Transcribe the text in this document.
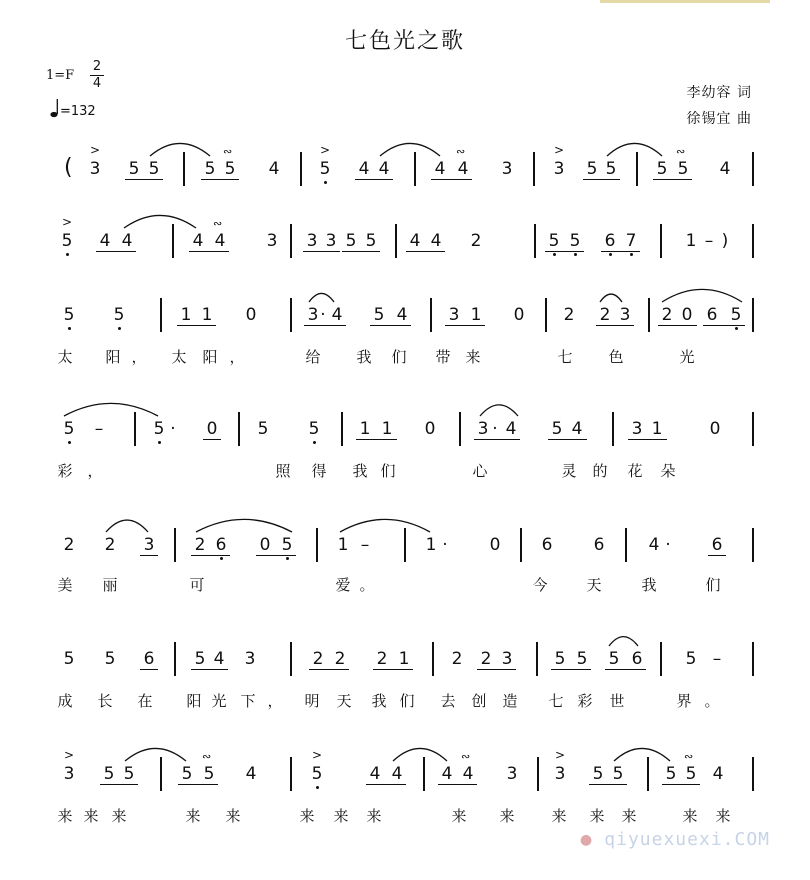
七色光之歌
1=F
2
4
=132
李幼容 词
徐锡宜 曲
( 3
>
5 5	5 5
∾
4 5
>
4 4	4 4
∾
3 3
>
5 5 5 5
∾
4
5
>
4 4	4 4
∾
3 3 3 5 5 4 4 2	5 5 6 7	1 – )
5 5	1 1 0	3 · 4 5 4 3 1 0 2 2 3 2 0 6 5
太	阳 ，	太	阳 ，	给	我	们	带 来	七	色	光
5 –	5 · 0 5 5 1 1 0 3 · 4 5 4	3 1	0
彩 ，	照	得	我 们	心	灵	的	花	朵
2 2 3 2 6 0 5	1 –	1 · 0 6 6	4 · 6
美	丽	可	爱 。	今	天	我	们
5 5 6 5 4 3	2 2 2 1 2 2 3 5 5 5 6	5 –
成	长	在	阳 光 下 ，	明	天	我 们	去	创	造	七 彩	世	界 。
3
>
5 5	5 5
∾
4	5
>
4 4 4 4
∾
3 3
>
5 5 5 5
∾
4
来 来 来	来	来	来	来	来	来	来	来	来	来	来	来
● qiyuexuexi.COM
